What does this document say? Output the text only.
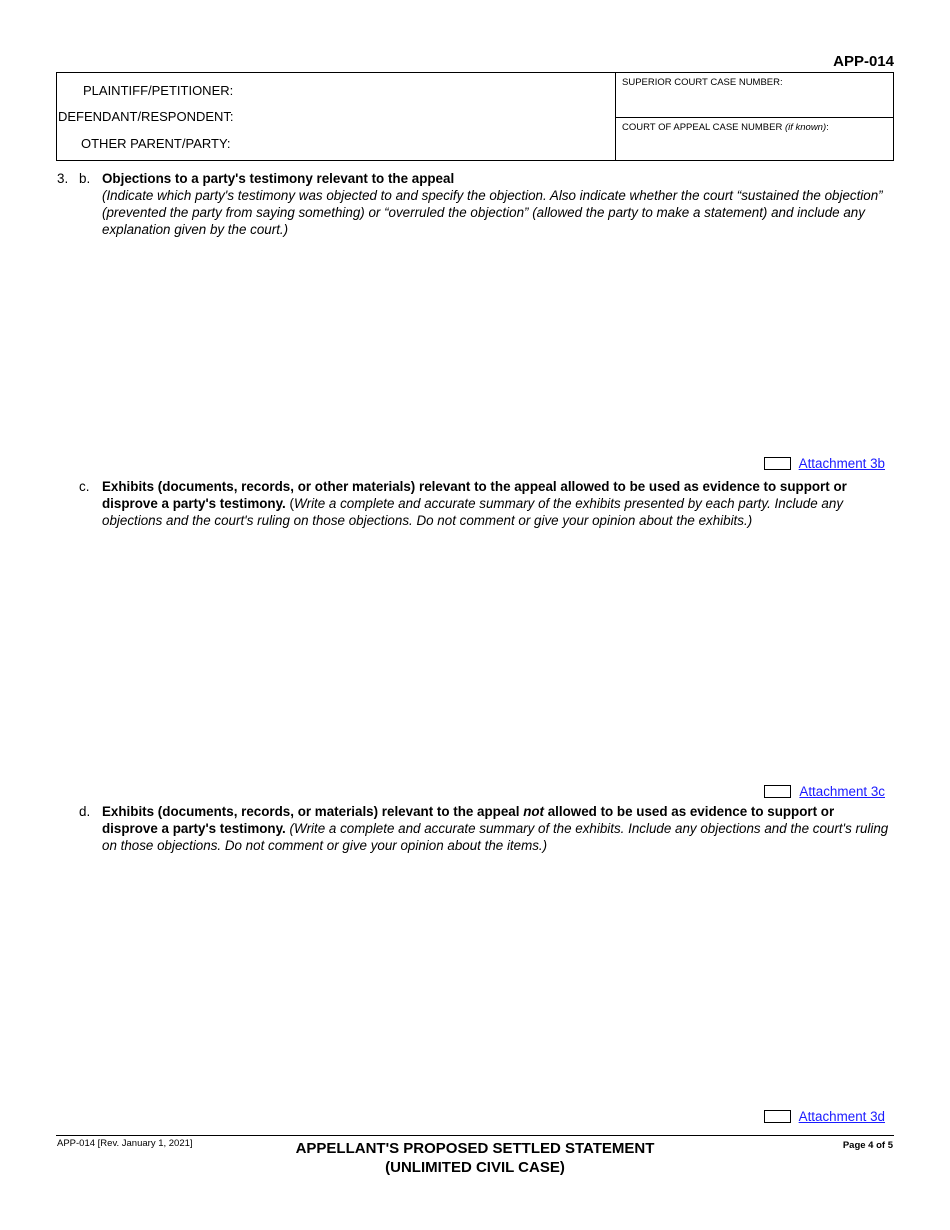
APP-014
PLAINTIFF/PETITIONER:
DEFENDANT/RESPONDENT:
OTHER PARENT/PARTY:
SUPERIOR COURT CASE NUMBER:
COURT OF APPEAL CASE NUMBER (if known):
3. b. Objections to a party's testimony relevant to the appeal
(Indicate which party's testimony was objected to and specify the objection. Also indicate whether the court “sustained the objection” (prevented the party from saying something) or “overruled the objection” (allowed the party to make a statement) and include any explanation given by the court.)
Attachment 3b
c. Exhibits (documents, records, or other materials) relevant to the appeal allowed to be used as evidence to support or disprove a party's testimony. (Write a complete and accurate summary of the exhibits presented by each party. Include any objections and the court's ruling on those objections. Do not comment or give your opinion about the exhibits.)
Attachment 3c
d. Exhibits (documents, records, or materials) relevant to the appeal not allowed to be used as evidence to support or disprove a party's testimony. (Write a complete and accurate summary of the exhibits. Include any objections and the court's ruling on those objections. Do not comment or give your opinion about the items.)
Attachment 3d
APP-014 [Rev. January 1, 2021]	APPELLANT'S PROPOSED SETTLED STATEMENT
(UNLIMITED CIVIL CASE)
Page 4 of 5
